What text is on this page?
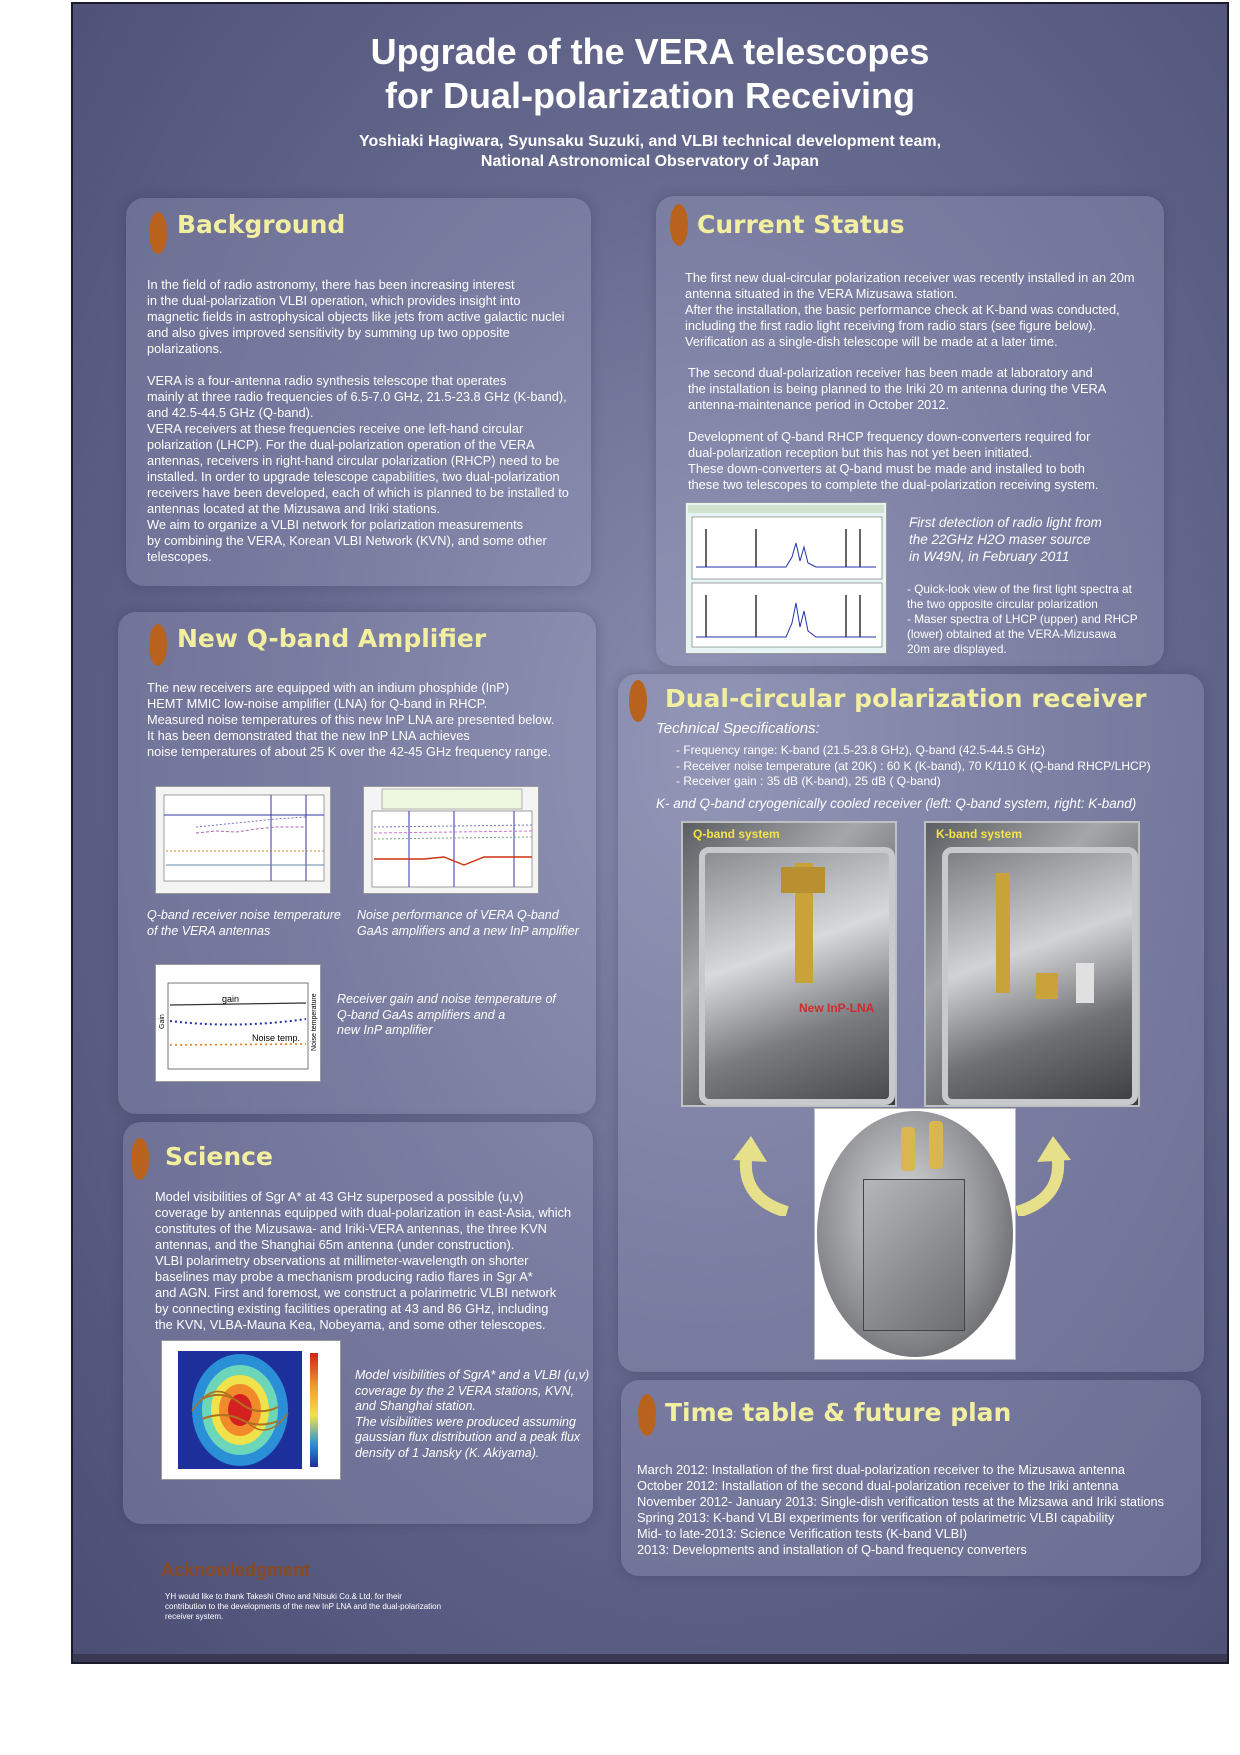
Upgrade of the VERA telescopes
for Dual-polarization Receiving
Yoshiaki Hagiwara, Syunsaku Suzuki, and VLBI technical development team,
National Astronomical Observatory of Japan
Background
In the field of radio astronomy, there has been increasing interest
in the dual-polarization VLBI operation, which provides insight into
magnetic fields in astrophysical objects like jets from active galactic nuclei
and also gives improved sensitivity by summing up two opposite
polarizations.
VERA is a four-antenna radio synthesis telescope that operates
mainly at three radio frequencies of 6.5-7.0 GHz, 21.5-23.8 GHz (K-band),
and 42.5-44.5 GHz (Q-band).
VERA receivers at these frequencies receive one left-hand circular
polarization (LHCP). For the dual-polarization operation of the VERA
antennas, receivers in right-hand circular polarization (RHCP) need to be
installed. In order to upgrade telescope capabilities, two dual-polarization
receivers have been developed, each of which is planned to be installed to
antennas located at the Mizusawa and Iriki stations.
We aim to organize a VLBI network for polarization measurements
by combining the VERA, Korean VLBI Network (KVN), and some other
telescopes.
New Q-band Amplifier
The new receivers are equipped with an indium phosphide (InP)
HEMT MMIC low-noise amplifier (LNA) for Q-band in RHCP.
Measured noise temperatures of this new InP LNA are presented below.
It has been demonstrated that the new InP LNA achieves
noise temperatures of about 25 K over the 42-45 GHz frequency range.
Q-band receiver noise temperature
of the VERA antennas
Noise performance of VERA Q-band
GaAs amplifiers and a new InP amplifier
gain
Noise temp.
Gain	Noise temperature Receiver gain and noise temperature of
Q-band GaAs amplifiers and a
new InP amplifier
Science
Model visibilities of Sgr A* at 43 GHz superposed a possible (u,v)
coverage by antennas equipped with dual-polarization in east-Asia, which
constitutes of the Mizusawa- and Iriki-VERA antennas, the three KVN
antennas, and the Shanghai 65m antenna (under construction).
VLBI polarimetry observations at millimeter-wavelength on shorter
baselines may probe a mechanism producing radio flares in Sgr A*
and AGN. First and foremost, we construct a polarimetric VLBI network
by connecting existing facilities operating at 43 and 86 GHz, including
the KVN, VLBA-Mauna Kea, Nobeyama, and some other telescopes.
Model visibilities of SgrA* and a VLBI (u,v)
coverage by the 2 VERA stations, KVN,
and Shanghai station.
The visibilities were produced assuming
gaussian flux distribution and a peak flux
density of 1 Jansky (K. Akiyama).
Acknowledgment
YH would like to thank Takeshi Ohno and Nitsuki Co.& Ltd. for their
contribution to the developments of the new InP LNA and the dual-polarization
receiver system.
Current Status
The first new dual-circular polarization receiver was recently installed in an 20m
antenna situated in the VERA Mizusawa station.
After the installation, the basic performance check at K-band was conducted,
including the first radio light receiving from radio stars (see figure below).
Verification as a single-dish telescope will be made at a later time.
The second dual-polarization receiver has been made at laboratory and
the installation is being planned to the Iriki 20 m antenna during the VERA
antenna-maintenance period in October 2012.
Development of Q-band RHCP frequency down-converters required for
dual-polarization reception but this has not yet been initiated.
These down-converters at Q-band must be made and installed to both
these two telescopes to complete the dual-polarization receiving system.
First detection of radio light from
the 22GHz H2O maser source
in W49N, in February 2011
- Quick-look view of the first light spectra at
the two opposite circular polarization
- Maser spectra of LHCP (upper) and RHCP
(lower) obtained at the VERA-Mizusawa
20m are displayed.
Dual-circular polarization receiver
Technical Specifications:
- Frequency range: K-band (21.5-23.8 GHz), Q-band (42.5-44.5 GHz)
- Receiver noise temperature (at 20K) : 60 K (K-band), 70 K/110 K (Q-band RHCP/LHCP)
- Receiver gain : 35 dB (K-band), 25 dB ( Q-band)
K- and Q-band cryogenically cooled receiver (left: Q-band system, right: K-band)
Q-band system
New InP-LNA
K-band system
Time table & future plan
March 2012: Installation of the first dual-polarization receiver to the Mizusawa antenna
October 2012: Installation of the second dual-polarization receiver to the Iriki antenna
November 2012- January 2013: Single-dish verification tests at the Mizsawa and Iriki stations
Spring 2013: K-band VLBI experiments for verification of polarimetric VLBI capability
Mid- to late-2013: Science Verification tests (K-band VLBI)
2013: Developments and installation of Q-band frequency converters
